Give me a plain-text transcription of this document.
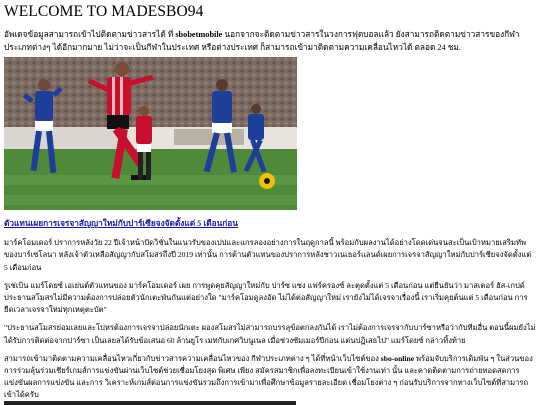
WELCOME TO MADESBO94

อัพเดจข้อมูลสามารถเข้าไปติดตามข่าวสารได้ ที่ sbobetmobile นอกจากจะติดตามข่าวสารในวงการฟุตบอลแล้ว ยังสามารถติดตามข่าวสารของกีฬาประเภทต่างๆ ได้อีกมากมาย ไม่ว่าจะเป็นกีฬาในประเทศ หรือต่างประเทศ ก็สามารถเข้ามาติดตามความเคลื่อนไหวได้ ตลอด 24 ชม.

ตัวแทนเผยการเจรจาสัญญาใหม่กับปาร์เซียจงจัดตั้งแต่ 5 เดือนก่อน

มาร์คโอมเดอร์ ปราการหลังวัย 22 ปีเจ้าหน้าปัดวิชั่นในแนวรับของเปปและแกรลองอย่างการในฤดูกาลนี้ พร้อมกับผลงานได้อย่างโดดเด่นจนสะเป็นเป้าหมายเสริมทัพของบาร์เซโลนา หลังเจ้าตัวเหลือสัญญากับสโมสรถึงปี 2019 เท่านั้น การต้านตัวแทนของปราการหลังชาวเนเธอร์แลนด์เผยการเจรจาสัญญาใหม่กับปาร์เซียจงจัดตั้งแต่ 5 เดือนก่อน

รูเช่เบิน แมร์โดยซ์ เอเย่นต์ตัวแทนของ มาร์คโอมเดอร์ เผย การพูดคุยสัญญาใหม่กับ ปาร์ซ แซง แฟร์ครองซ์ ละตุดตั้งแต่ 5 เดือนก่อน แต่ยืนยันว่า มาสเตอร์ ฮัส-เกปด์ ประธานสโมสรไม่มีความต้องการปล่อยตัวนักเตะพันกันแต่อย่างใด "มาร์คโอมดูลงอัด ไม่ได้ต่อสัญญาใหม่ เรายังไม่ได้เจรจาเรื่องนี้ เราเริ่มคุยต้นแต่ 5 เดือนก่อน การยืดเวลาเจรจาใหม่ทุกเหตุตะบัต"

"ประธานสโมสรย่อมเลยและโปหรต้องการเจรจาปล่อยนักเตะ ผองสโมสรไม่สามารถบรรลุข้อตกลงกันได้ เราไม่ต้องการเจรจากับบาร์ซาหรือว่ากับทีมอื่น ตอนนี้ผมยังไม่ได้รับการติดต่อจากปาร์ซา เป็นเลยลได้รับข้อเสนอ 60 ล้านยูโร เมทกับเกศวิบนูเนล เมื่อช่วงซัมเมอร์ปีก่อน แต่นปฏิเสธไป" แมร์โดยซ์ กล่าวทิ้งท้าย

สามารถเข้ามาติดตามความเคลื่อนไหวเกี่ยวกับข่าวสารความเคลื่อนไหวของ กีฬาประเภทต่าง ๆ ได้ที่หน้าเว็บไซต์ของ sbo-online พร้อมจับบริการเดิมพัน ๆ ในส่วนของการร่วมลุ้นร่วมเชียร์เกมส์การแข่งขันผ่านเว็บไซต์ช่วยเชื่อมโยงสุด พิเศษ เพียง สมัครสมาชิกเพื่อลงทะเบียนเข้าใช้งานเท่า นั้น และคาดติดตามการถ่ายทอดสดการแข่งขันผลการแข่งขัน และการ วิเคราะห์เกมส์ต่อนการแข่งขันรวมถึงการเข้ามาเพื่อศึกษาข้อมูลรายละเอียด เชื่อมโยงต่าง ๆ ก่อนรับบริการจากทางเว็บไซต์ที่สามารถเข้าได้ครับ
